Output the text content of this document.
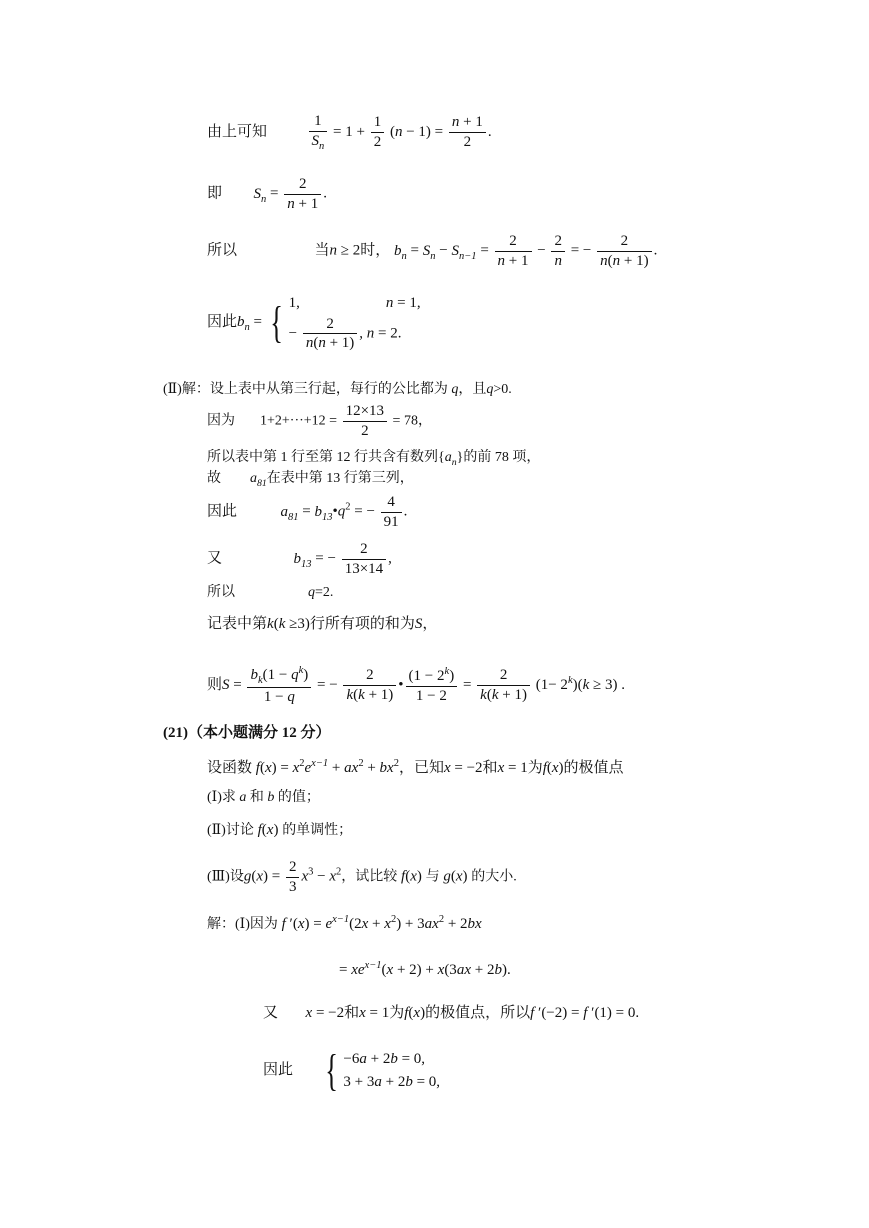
由上可知	$\frac{1}{S_n} = 1 + \frac{1}{2} (n - 1) = \frac{n + 1}{2}$ .
即 $S_n = \frac{2}{n + 1}$ .
所以	当n ≥ 2时， $b_n = S_n - S_{n-1} = \frac{2}{n + 1} - \frac{2}{n}$ = − $\frac{2}{n(n + 1)}$ .
因此$b_n$ = { 1,	n = 1,
− $\frac{2}{n(n + 1)}$ , n = 2.
(Ⅱ)解：设上表中从第三行起，每行的公比都为 q，且q>0.
因为  $1+2+\cdot\cdot\cdot+12 = \frac{12\times 13}{2} = 78$，
所以表中第 1 行至第 12 行共含有数列$\{a_n\}$的前 78 项，
故 $a_{81}$在表中第 13 行第三列，
因此	$a_{81}$ = $b_{13}•q^2$ = − $\frac{4}{91}$ .
又	$b_{13}$ = − $\frac{2}{13\times 14}$ ,
所以	q=2.
记表中第k(k ≥3)行所有项的和为S，
则$S = \frac{b_k(1 - q^k)}{1 - q}$ = − $\frac{2}{k(k + 1)}$ • $\frac{(1 - 2^k)}{1 - 2} = \frac{2}{k(k + 1)} (1- 2^k)(k \ge 3)$ .
(21)（本小题满分 12 分）
设函数 $f(x) = x^2e^{x-1} + ax^2 + bx^2$，已知x = −2和x = 1为f(x)的极值点
(Ⅰ)求 a 和 b 的值；
(Ⅱ)讨论 f(x) 的单调性；
(Ⅲ)设$g(x) = \frac{2}{3} x^3 - x^2$，试比较 f(x) 与 g(x) 的大小.
解：(Ⅰ)因为 f $'(x) = e^{x-1}(2x + x^2) + 3ax^2 + 2bx$
= $xe^{x-1}(x + 2) + x(3ax + 2b)$.
又 x = −2和x = 1为f(x)的极值点，所以f ′(−2) = f ′(1) = 0.
因此 { −6a + 2b = 0,
3 + 3a + 2b = 0,
